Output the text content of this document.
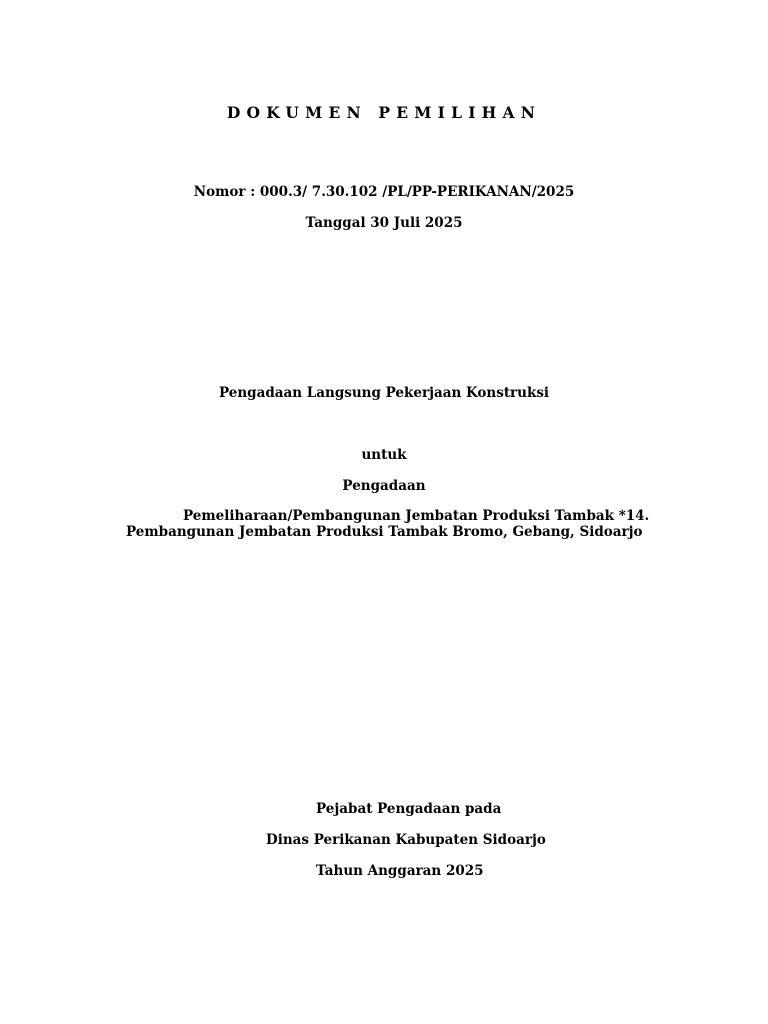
DOKUMEN PEMILIHAN

Nomor : 000.3/ 7.30.102 /PL/PP-PERIKANAN/2025

Tanggal 30 Juli 2025

Pengadaan Langsung Pekerjaan Konstruksi

untuk

Pengadaan

Pemeliharaan/Pembangunan Jembatan Produksi Tambak *14.

Pembangunan Jembatan Produksi Tambak Bromo, Gebang, Sidoarjo

Pejabat Pengadaan pada

Dinas Perikanan Kabupaten Sidoarjo

Tahun Anggaran 2025
